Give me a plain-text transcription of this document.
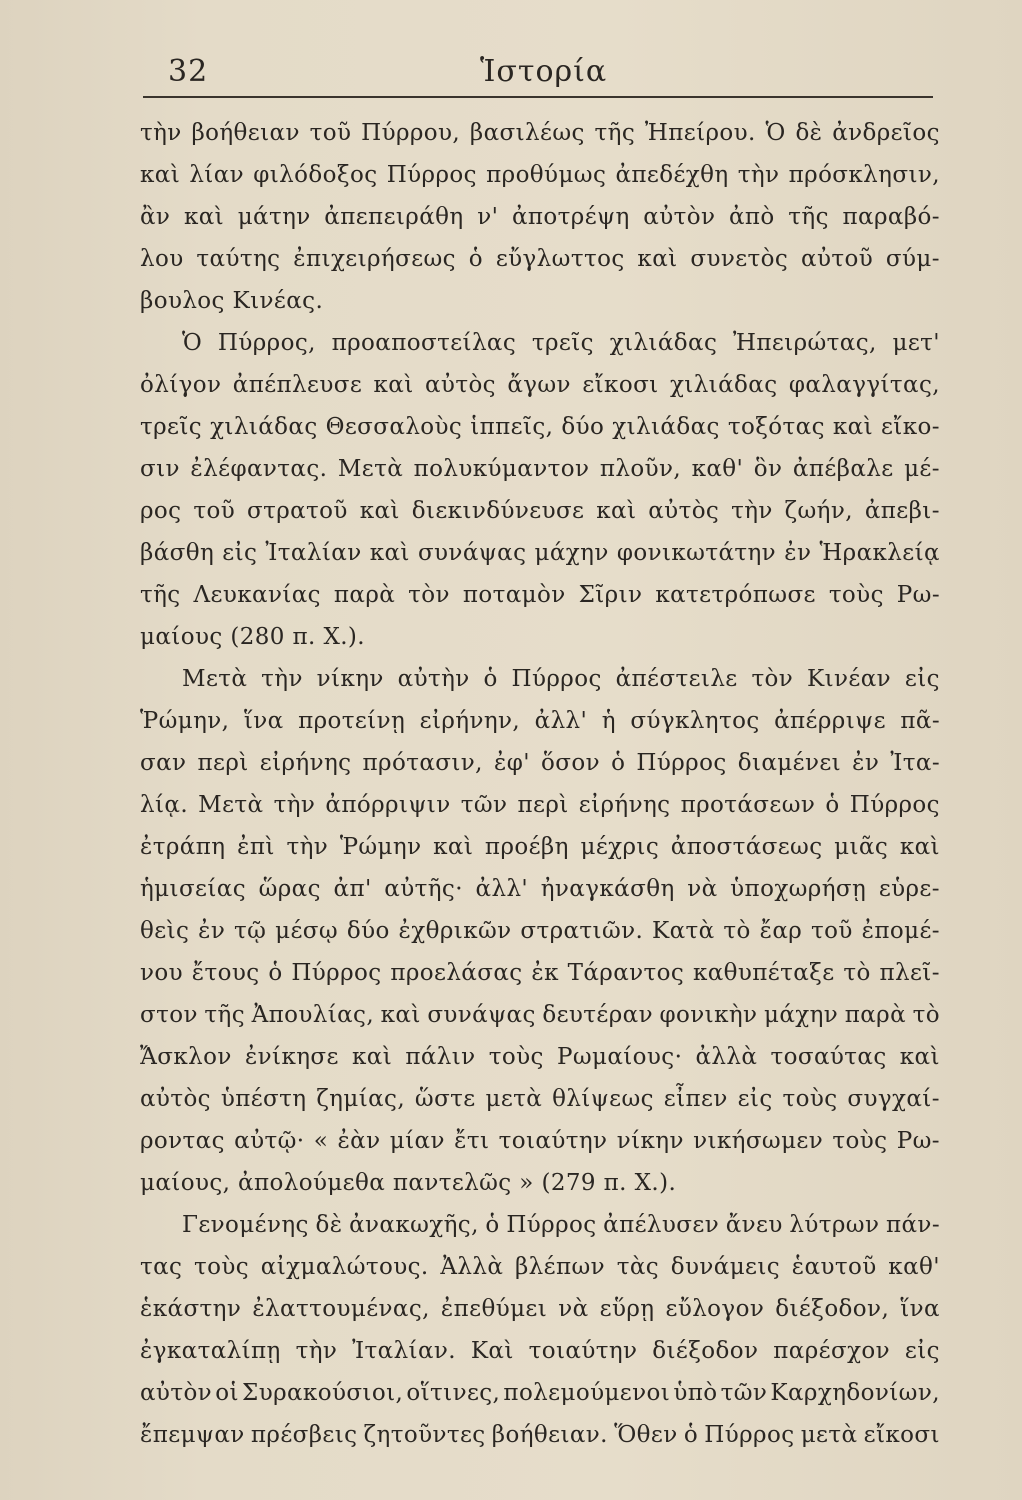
32	Ἱστορία
τὴν βοήθειαν τοῦ Πύρρου, βασιλέως τῆς Ἠπείρου. Ὁ δὲ ἀνδρεῖος
καὶ λίαν φιλόδοξος Πύρρος προθύμως ἀπεδέχθη τὴν πρόσκλησιν,
ἂν καὶ μάτην ἀπεπειράθη ν' ἀποτρέψη αὐτὸν ἀπὸ τῆς παραβό-
λου ταύτης ἐπιχειρήσεως ὁ εὔγλωττος καὶ συνετὸς αὐτοῦ σύμ-
βουλος Κινέας.
Ὁ Πύρρος, προαποστείλας τρεῖς χιλιάδας Ἠπειρώτας, μετ'
ὀλίγον ἀπέπλευσε καὶ αὐτὸς ἄγων εἴκοσι χιλιάδας φαλαγγίτας,
τρεῖς χιλιάδας Θεσσαλοὺς ἱππεῖς, δύο χιλιάδας τοξότας καὶ εἴκο-
σιν ἐλέφαντας. Μετὰ πολυκύμαντον πλοῦν, καθ' ὃν ἀπέβαλε μέ-
ρος τοῦ στρατοῦ καὶ διεκινδύνευσε καὶ αὐτὸς τὴν ζωήν, ἀπεβι-
βάσθη εἰς Ἰταλίαν καὶ συνάψας μάχην φονικωτάτην ἐν Ἡρακλείᾳ
τῆς Λευκανίας παρὰ τὸν ποταμὸν Σῖριν κατετρόπωσε τοὺς Ρω-
μαίους (280 π. Χ.).
Μετὰ τὴν νίκην αὐτὴν ὁ Πύρρος ἀπέστειλε τὸν Κινέαν εἰς
Ῥώμην, ἵνα προτείνῃ εἰρήνην, ἀλλ' ἡ σύγκλητος ἀπέρριψε πᾶ-
σαν περὶ εἰρήνης πρότασιν, ἐφ' ὅσον ὁ Πύρρος διαμένει ἐν Ἰτα-
λίᾳ. Μετὰ τὴν ἀπόρριψιν τῶν περὶ εἰρήνης προτάσεων ὁ Πύρρος
ἐτράπη ἐπὶ τὴν Ῥώμην καὶ προέβη μέχρις ἀποστάσεως μιᾶς καὶ
ἡμισείας ὥρας ἀπ' αὐτῆς· ἀλλ' ἠναγκάσθη νὰ ὑποχωρήσῃ εὑρε-
θεὶς ἐν τῷ μέσῳ δύο ἐχθρικῶν στρατιῶν. Κατὰ τὸ ἔαρ τοῦ ἐπομέ-
νου ἔτους ὁ Πύρρος προελάσας ἐκ Τάραντος καθυπέταξε τὸ πλεῖ-
στον τῆς Ἀπουλίας, καὶ συνάψας δευτέραν φονικὴν μάχην παρὰ τὸ
Ἄσκλον ἐνίκησε καὶ πάλιν τοὺς Ρωμαίους· ἀλλὰ τοσαύτας καὶ
αὐτὸς ὑπέστη ζημίας, ὥστε μετὰ θλίψεως εἶπεν εἰς τοὺς συγχαί-
ροντας αὐτῷ· « ἐὰν μίαν ἔτι τοιαύτην νίκην νικήσωμεν τοὺς Ρω-
μαίους, ἀπολούμεθα παντελῶς » (279 π. Χ.).
Γενομένης δὲ ἀνακωχῆς, ὁ Πύρρος ἀπέλυσεν ἄνευ λύτρων πάν-
τας τοὺς αἰχμαλώτους. Ἀλλὰ βλέπων τὰς δυνάμεις ἑαυτοῦ καθ'
ἑκάστην ἐλαττουμένας, ἐπεθύμει νὰ εὕρῃ εὔλογον διέξοδον, ἵνα
ἐγκαταλίπῃ τὴν Ἰταλίαν. Καὶ τοιαύτην διέξοδον παρέσχον εἰς
αὐτὸν οἱ Συρακούσιοι, οἵτινες, πολεμούμενοι ὑπὸ τῶν Καρχηδονίων,
ἔπεμψαν πρέσβεις ζητοῦντες βοήθειαν. Ὅθεν ὁ Πύρρος μετὰ εἴκοσι
